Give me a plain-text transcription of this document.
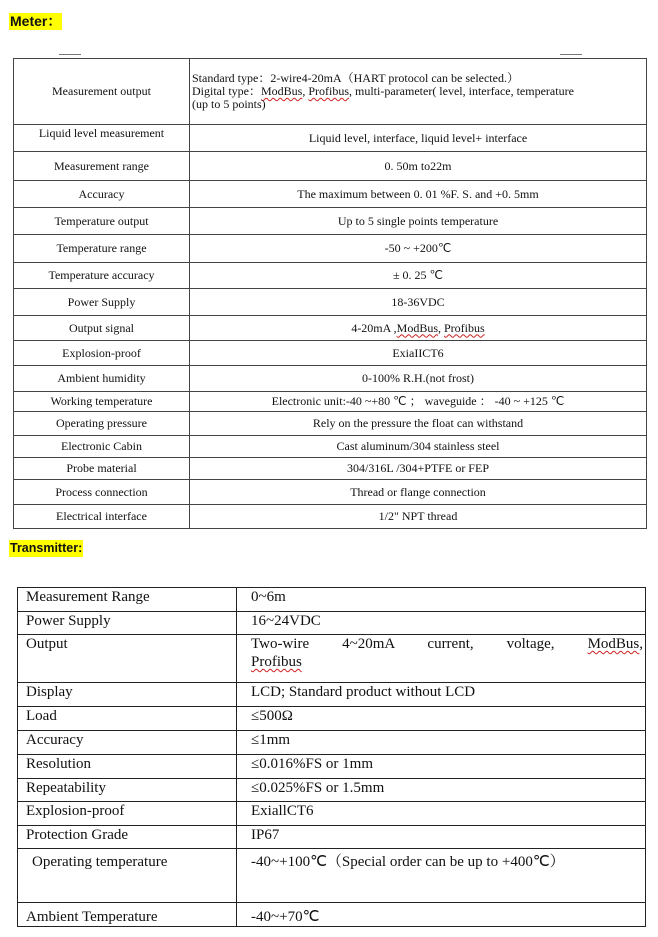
Meter：
Measurement output	Standard type：2-wire4-20mA（HART protocol can be selected.）
Digital type：ModBus, Profibus, multi-parameter( level, interface, temperature
(up to 5 points)

Liquid level measurement	Liquid level, interface, liquid level+ interface
Measurement range	0. 50m to22m
Accuracy	The maximum between 0. 01 %F. S. and +0. 5mm
Temperature output	Up to 5 single points temperature
Temperature range	-50 ~ +200℃
Temperature accuracy	± 0. 25 ℃
Power Supply	18-36VDC
Output signal	4-20mA ,ModBus, Profibus
Explosion-proof	ExiaIICT6
Ambient humidity	0-100% R.H.(not frost)
Working temperature	Electronic unit:-40 ~+80 ℃ ； waveguide ： -40 ~ +125 ℃
Operating pressure	Rely on the pressure the float can withstand
Electronic Cabin	Cast aluminum/304 stainless steel
Probe material	304/316L /304+PTFE or FEP
Process connection	Thread or flange connection
Electrical interface	1/2" NPT thread
Transmitter:
Measurement Range	0~6m
Power Supply	16~24VDC
Output	Two-wire 4~20mA current, voltage, ModBus,
Profibus
Display	LCD; Standard product without LCD
Load	≤500Ω
Accuracy	≤1mm
Resolution	≤0.016%FS or 1mm
Repeatability	≤0.025%FS or 1.5mm
Explosion-proof	ExiallCT6
Protection Grade	IP67
Operating temperature	-40~+100℃（Special order can be up to +400℃）
Ambient Temperature	-40~+70℃
